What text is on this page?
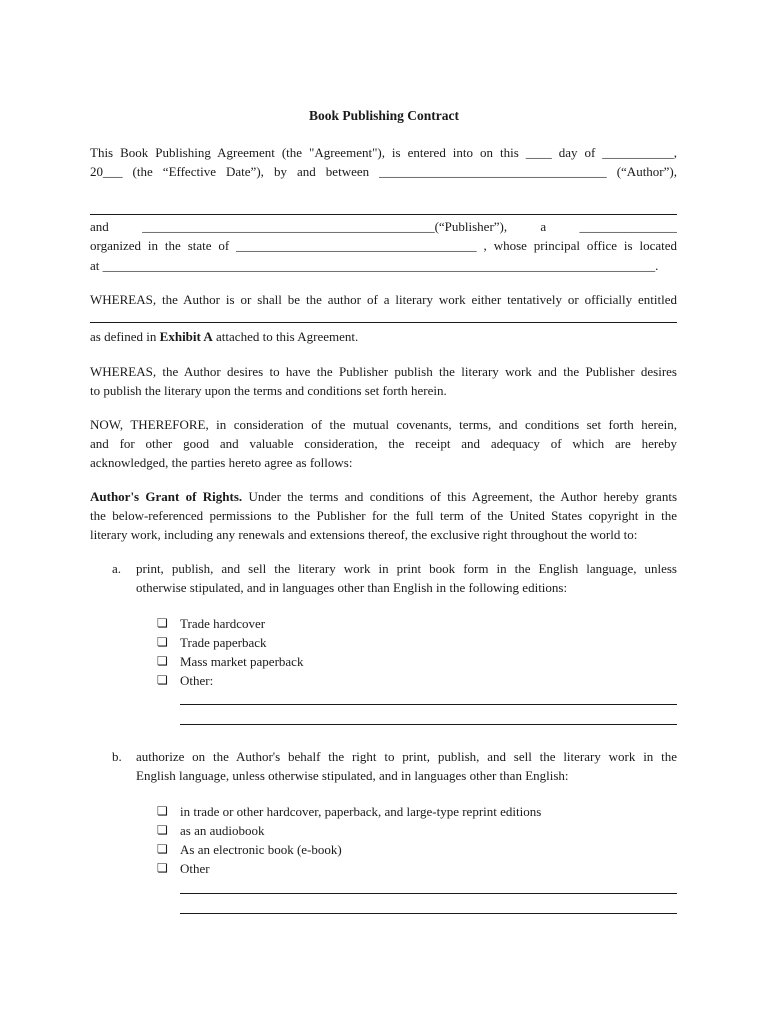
Book Publishing Contract
This Book Publishing Agreement (the "Agreement"), is entered into on this ____ day of ___________,
20___ (the “Effective Date”), by and between ___________________________________ (“Author”),
and _____________________________________________(“Publisher”), a _______________
organized in the state of _____________________________________ , whose principal office is located
at _____________________________________________________________________________________.
WHEREAS, the Author is or shall be the author of a literary work either tentatively or officially entitled
as defined in Exhibit A attached to this Agreement.
WHEREAS, the Author desires to have the Publisher publish the literary work and the Publisher desires
to publish the literary upon the terms and conditions set forth herein.
NOW, THEREFORE, in consideration of the mutual covenants, terms, and conditions set forth herein,
and for other good and valuable consideration, the receipt and adequacy of which are hereby
acknowledged, the parties hereto agree as follows:
Author's Grant of Rights. Under the terms and conditions of this Agreement, the Author hereby grants
the below-referenced permissions to the Publisher for the full term of the United States copyright in the
literary work, including any renewals and extensions thereof, the exclusive right throughout the world to:
a. print, publish, and sell the literary work in print book form in the English language, unless
otherwise stipulated, and in languages other than English in the following editions:
❏ Trade hardcover
❏ Trade paperback
❏ Mass market paperback
❏ Other:
b. authorize on the Author's behalf the right to print, publish, and sell the literary work in the
English language, unless otherwise stipulated, and in languages other than English:
❏ in trade or other hardcover, paperback, and large-type reprint editions
❏ as an audiobook
❏ As an electronic book (e-book)
❏ Other
